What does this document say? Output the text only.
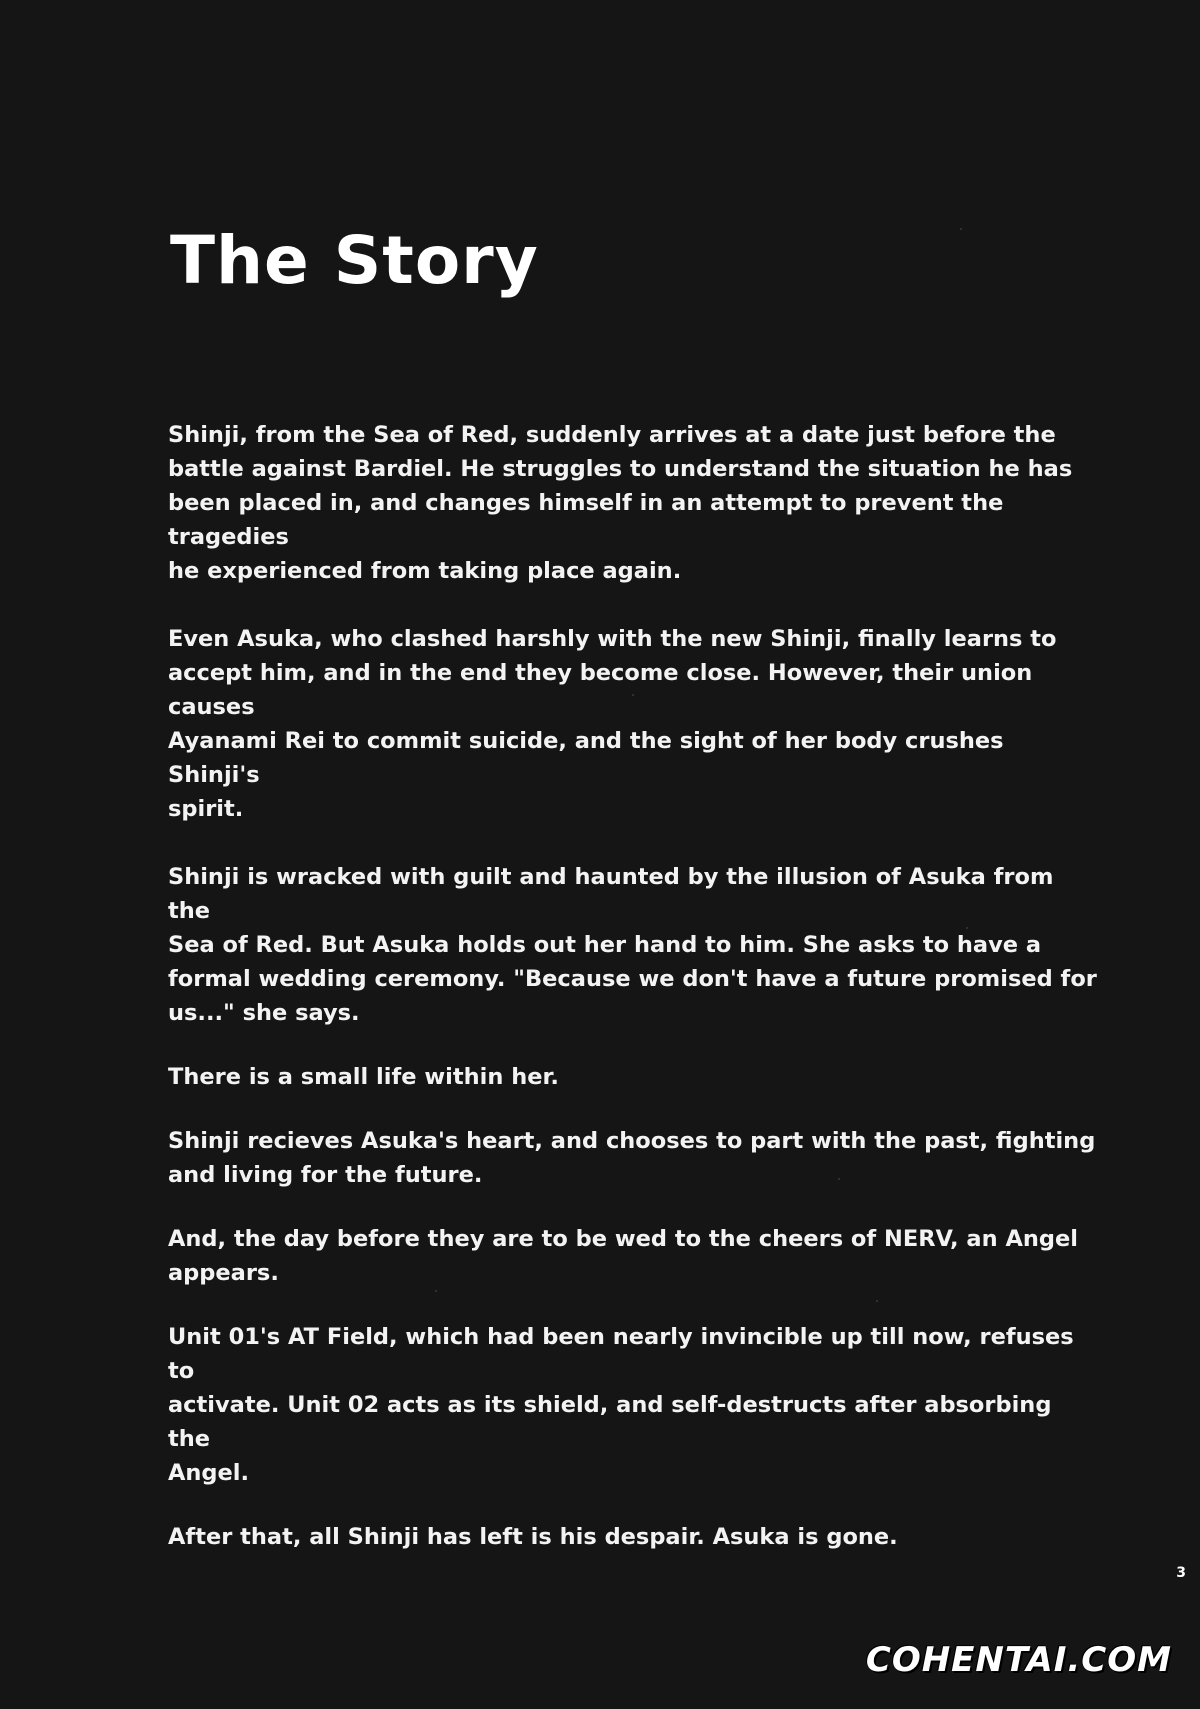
The Story

Shinji, from the Sea of Red, suddenly arrives at a date just before the
battle against Bardiel. He struggles to understand the situation he has
been placed in, and changes himself in an attempt to prevent the tragedies
he experienced from taking place again.

Even Asuka, who clashed harshly with the new Shinji, finally learns to
accept him, and in the end they become close. However, their union causes
Ayanami Rei to commit suicide, and the sight of her body crushes Shinji's
spirit.

Shinji is wracked with guilt and haunted by the illusion of Asuka from the
Sea of Red. But Asuka holds out her hand to him. She asks to have a
formal wedding ceremony. "Because we don't have a future promised for
us..." she says.

There is a small life within her.

Shinji recieves Asuka's heart, and chooses to part with the past, fighting
and living for the future.

And, the day before they are to be wed to the cheers of NERV, an Angel
appears.

Unit 01's AT Field, which had been nearly invincible up till now, refuses to
activate. Unit 02 acts as its shield, and self-destructs after absorbing the
Angel.

After that, all Shinji has left is his despair. Asuka is gone.

3
COHENTAI.COM
